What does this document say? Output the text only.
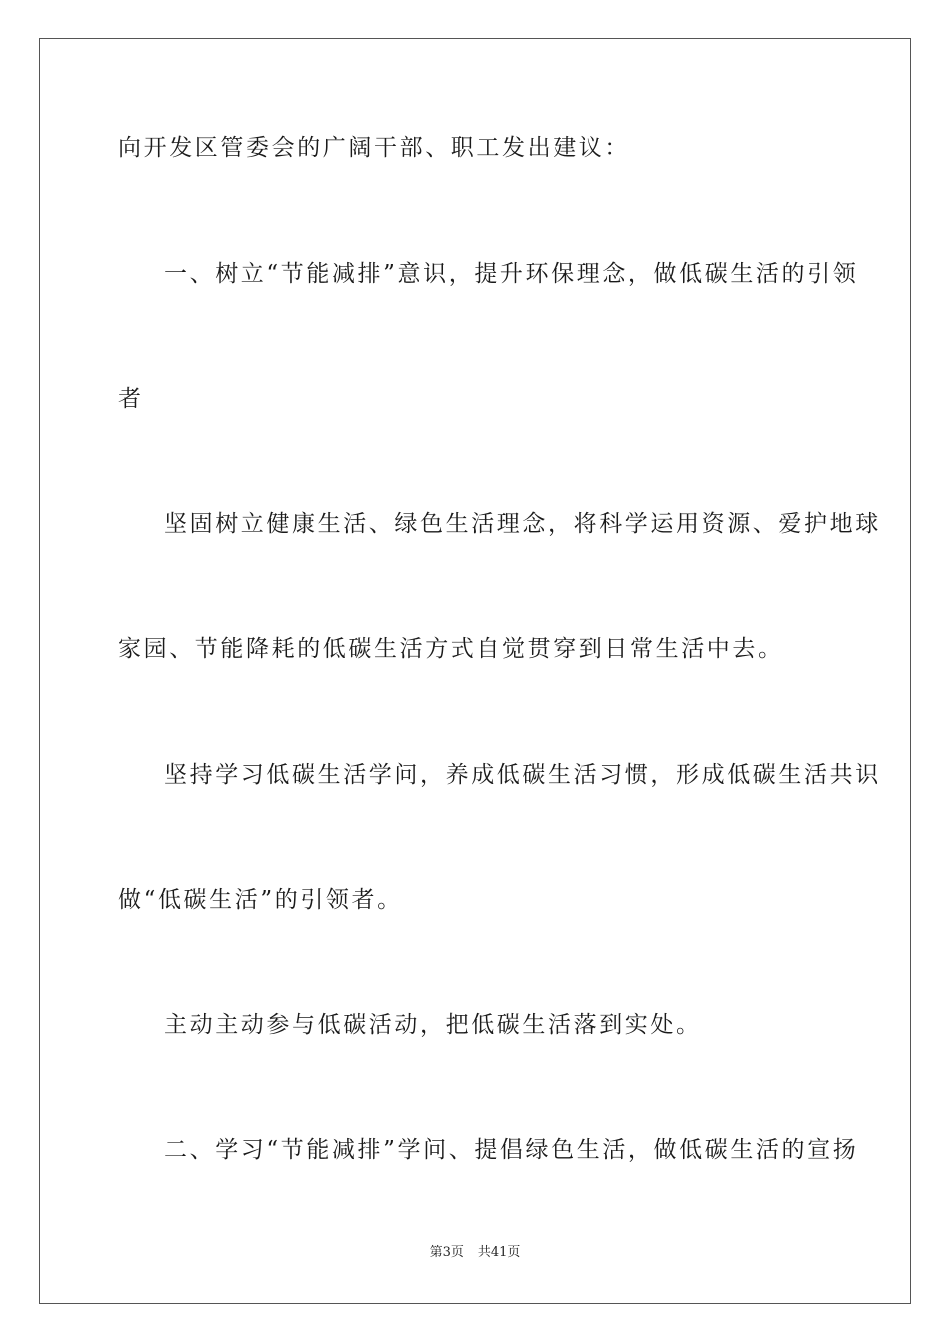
向开发区管委会的广阔干部、职工发出建议：
一、树立“节能减排”意识，提升环保理念，做低碳生活的引领
者
坚固树立健康生活、绿色生活理念，将科学运用资源、爱护地球
家园、节能降耗的低碳生活方式自觉贯穿到日常生活中去。
坚持学习低碳生活学问，养成低碳生活习惯，形成低碳生活共识
做“低碳生活”的引领者。
主动主动参与低碳活动，把低碳生活落到实处。
二、学习“节能减排”学问、提倡绿色生活，做低碳生活的宣扬
第3页 共41页
